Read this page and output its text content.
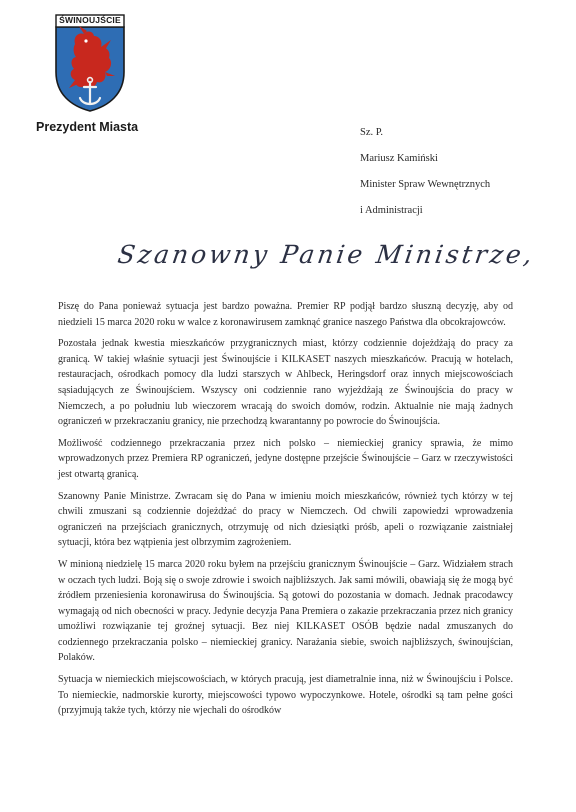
ŚWINOUJŚCIE
Prezydent Miasta	Sz. P.
Mariusz Kamiński
Minister Spraw Wewnętrznych
i Administracji
Szanowny Panie Ministrze,

Piszę do Pana ponieważ sytuacja jest bardzo poważna. Premier RP podjął bardzo słuszną decyzję, aby od niedzieli 15 marca 2020 roku w walce z koronawirusem zamknąć granice naszego Państwa dla obcokrajowców.

Pozostała jednak kwestia mieszkańców przygranicznych miast, którzy codziennie dojeżdżają do pracy za granicą. W takiej właśnie sytuacji jest Świnoujście i KILKASET naszych mieszkańców. Pracują w hotelach, restauracjach, ośrodkach pomocy dla ludzi starszych w Ahlbeck, Heringsdorf oraz innych miejscowościach sąsiadujących ze Świnoujściem. Wszyscy oni codziennie rano wyjeżdżają ze Świnoujścia do pracy w Niemczech, a po południu lub wieczorem wracają do swoich domów, rodzin. Aktualnie nie mają żadnych ograniczeń w przekraczaniu granicy, nie przechodzą kwarantanny po powrocie do Świnoujścia.

Możliwość codziennego przekraczania przez nich polsko – niemieckiej granicy sprawia, że mimo wprowadzonych przez Premiera RP ograniczeń, jedyne dostępne przejście Świnoujście – Garz w rzeczywistości jest otwartą granicą.

Szanowny Panie Ministrze. Zwracam się do Pana w imieniu moich mieszkańców, również tych którzy w tej chwili zmuszani są codziennie dojeżdżać do pracy w Niemczech. Od chwili zapowiedzi wprowadzenia ograniczeń na przejściach granicznych, otrzymuję od nich dziesiątki próśb, apeli o rozwiązanie zaistniałej sytuacji, która bez wątpienia jest olbrzymim zagrożeniem.

W minioną niedzielę 15 marca 2020 roku byłem na przejściu granicznym Świnoujście – Garz. Widziałem strach w oczach tych ludzi. Boją się o swoje zdrowie i swoich najbliższych. Jak sami mówili, obawiają się że mogą być źródłem przeniesienia koronawirusa do Świnoujścia. Są gotowi do pozostania w domach. Jednak pracodawcy wymagają od nich obecności w pracy. Jedynie decyzja Pana Premiera o zakazie przekraczania przez nich granicy umożliwi rozwiązanie tej groźnej sytuacji. Bez niej KILKASET OSÓB będzie nadal zmuszanych do codziennego przekraczania polsko – niemieckiej granicy. Narażania siebie, swoich najbliższych, świnoujścian, Polaków.

Sytuacja w niemieckich miejscowościach, w których pracują, jest diametralnie inna, niż w Świnoujściu i Polsce. To niemieckie, nadmorskie kurorty, miejscowości typowo wypoczynkowe. Hotele, ośrodki są tam pełne gości (przyjmują także tych, którzy nie wjechali do ośrodków
